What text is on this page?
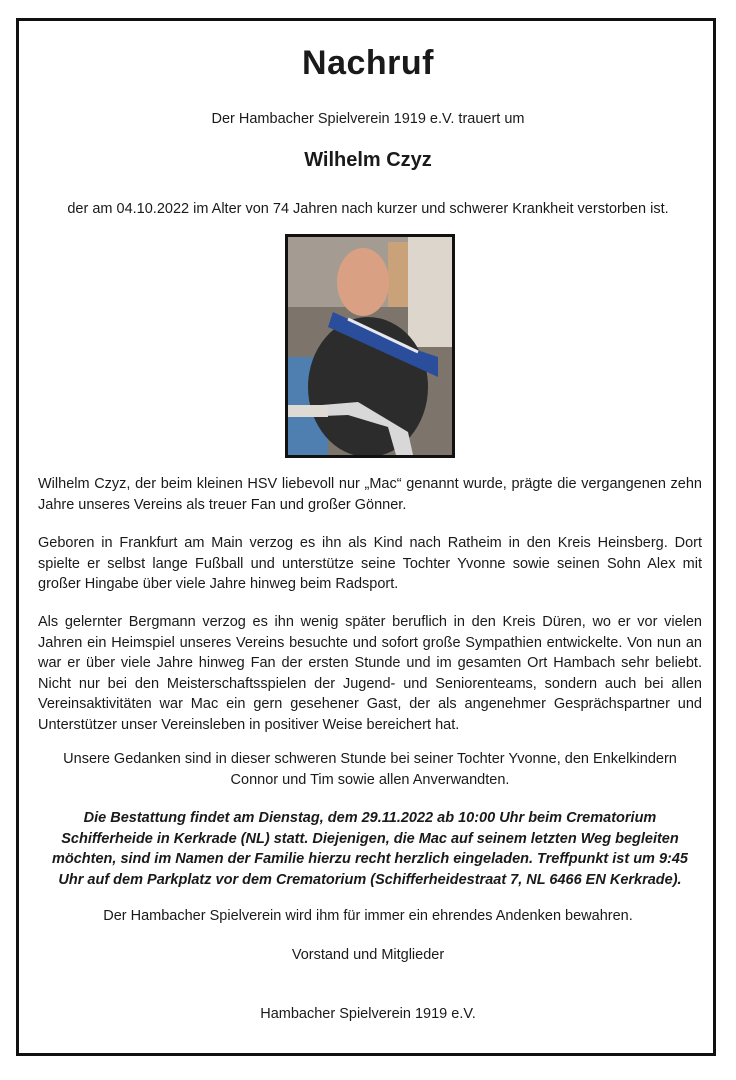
Nachruf
Der Hambacher Spielverein 1919 e.V. trauert um
Wilhelm Czyz
der am 04.10.2022 im Alter von 74 Jahren nach kurzer und schwerer Krankheit verstorben ist.
Wilhelm Czyz, der beim kleinen HSV liebevoll nur „Mac“ genannt wurde, prägte die vergangenen zehn Jahre unseres Vereins als treuer Fan und großer Gönner.
Geboren in Frankfurt am Main verzog es ihn als Kind nach Ratheim in den Kreis Heinsberg. Dort spielte er selbst lange Fußball und unterstütze seine Tochter Yvonne sowie seinen Sohn Alex mit großer Hingabe über viele Jahre hinweg beim Radsport.
Als gelernter Bergmann verzog es ihn wenig später beruflich in den Kreis Düren, wo er vor vielen Jahren ein Heimspiel unseres Vereins besuchte und sofort große Sympathien entwickelte. Von nun an war er über viele Jahre hinweg Fan der ersten Stunde und im gesamten Ort Hambach sehr beliebt. Nicht nur bei den Meisterschaftsspielen der Jugend- und Seniorenteams, sondern auch bei allen Vereinsaktivitäten war Mac ein gern gesehener Gast, der als angenehmer Gesprächspartner und Unterstützer unser Vereinsleben in positiver Weise bereichert hat.
Unsere Gedanken sind in dieser schweren Stunde bei seiner Tochter Yvonne, den Enkelkindern Connor und Tim sowie allen Anverwandten.
Die Bestattung findet am Dienstag, dem 29.11.2022 ab 10:00 Uhr beim Crematorium Schifferheide in Kerkrade (NL) statt. Diejenigen, die Mac auf seinem letzten Weg begleiten möchten, sind im Namen der Familie hierzu recht herzlich eingeladen. Treffpunkt ist um 9:45 Uhr auf dem Parkplatz vor dem Crematorium (Schifferheidestraat 7, NL 6466 EN Kerkrade).
Der Hambacher Spielverein wird ihm für immer ein ehrendes Andenken bewahren.
Vorstand und Mitglieder
Hambacher Spielverein 1919 e.V.
